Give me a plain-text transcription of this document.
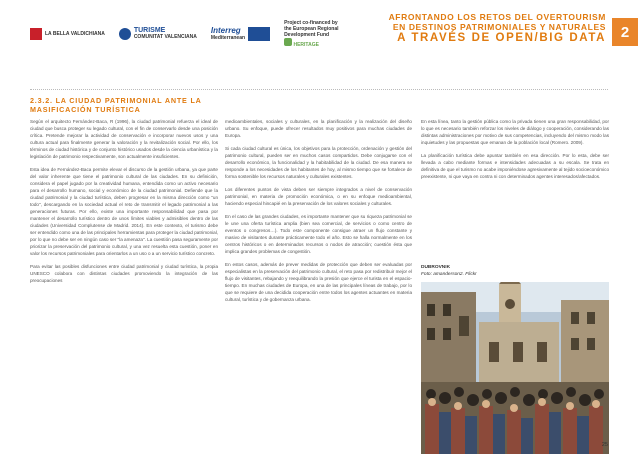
LA BELLA VALDICHIANA	TURISME
COMUNITAT VALENCIANA
Interreg
Mediterranean
Project co-financed by the European Regional Development Fund
HERITAGE
AFRONTANDO LOS RETOS DEL OVERTOURISM
EN DESTINOS PATRIMONIALES Y NATURALES
A TRAVÉS DE OPEN/BIG DATA 2
2.3.2. LA CIUDAD PATRIMONIAL ANTE LA MASIFICACIÓN TURÍSTICA

Según el arquitecto Fernández-Baca, R (1996), la ciudad patrimonial refuerza el ideal de ciudad que busca proteger su legado cultural, con el fin de conservarlo desde una posición crítica. Pretende mejorar la actividad de conservación e incorporar nuevos usos y una cultura actual para finalmente generar la valoración y la revitalización social. Por ello, los términos de ciudad histórica y de conjunto histórico usados desde la ciencia urbanística y la legislación de patrimonio respectivamente, son actualmente insuficientes.

Esta idea de Fernández-Baca permite elevar el discurso de la gestión urbana, ya que parte del valor inherente que tiene el patrimonio cultural de las ciudades. En su definición, considera el papel jugado por la creatividad humana, entendida como un activo necesario para el desarrollo humano, social y económico de la ciudad patrimonial. Defiende que la ciudad patrimonial y la ciudad turística, deben progresar en la misma dirección como "un todo", descargando en la sociedad actual el reto de transmitir el legado patrimonial a las generaciones futuras. Por ello, existe una importante responsabilidad que pasa por mantener el desarrollo turístico dentro de unos límites viables y admisibles dentro de las ciudades (Universidad Complutense de Madrid. 2014). En este contexto, el turismo debe ser entendido como una de las principales herramientas para proteger la ciudad patrimonial, por lo que no debe ser en ningún caso ser "la amenaza". La cuestión pasa seguramente por priorizar la preservación del patrimonio cultural, y una vez resuelta esta cuestión, poner en valor los recursos patrimoniales para orientarlos a un uso o a un servicio turístico concreto.

Para evitar las posibles disfunciones entre ciudad patrimonial y ciudad turística, la propia UNESCO colabora con distintas ciudades promoviendo la integración de las preocupaciones

medioambientales, sociales y culturales, en la planificación y la realización del diseño urbano. Su enfoque, puede ofrecer resultados muy positivos para muchas ciudades de Europa.

Si cada ciudad cultural es única, los objetivos para la protección, ordenación y gestión del patrimonio cultural, pueden ser en muchos casos compartidos. Debe conjugarse con el desarrollo económico, la funcionalidad y la habitabilidad de la ciudad. De esa manera se responde a los necesidades de los habitantes de hoy, al mismo tiempo que se fortalece de forma sostenible los recursos naturales y culturales existentes.

Los diferentes puntos de vista deben ser siempre integrados a nivel de conservación patrimonial, en materia de promoción económica, o en su enfoque medioambiental, haciendo especial hincapié en la preservación de los valores sociales y culturales.

En el caso de las grandes ciudades, es importante mantener que su riqueza patrimonial se le une una oferta turística amplia (bien sea comercial, de servicios o como centro de eventos o congresos…). Todo este componente consigue atraer un flujo constante y masivo de visitantes durante prácticamente todo el año. Esto se halla normalmente en los centros históricos o en determinados recursos o nodos de atracción; cuestión ésta que implica grandes problemas de congestión.

En estos casos, además de prever medidas de protección que deben ser evaluadas por especialistas en la preservación del patrimonio cultural, el reto pasa por redistribuir mejor el flujo de visitantes, rebajando y reequilibrando la presión que ejerce el turista en el espacio-tiempo. En muchas ciudades de Europa, en una de las principales líneas de trabajo, por lo que se requiere de una decidida cooperación entre todos los agentes actuantes en materia cultural, turística y de gobernanza urbana.

En esta línea, tanto la gestión pública como la privada tienen una gran responsabilidad, por lo que es necesario también reforzar los niveles de diálogo y cooperación, considerando las distintas administraciones por motivo de sus competencias, incluyendo del mismo modo las inquietudes y las propuestas que emanan de la población local (Romero. 2009).

La planificación turística debe apuntar también en esa dirección. Por lo esta, debe ser llevada a cabo mediante formas e intensidades adecuadas a su escala. Se trata en definitiva de que el turismo no acabe imponiéndose agresivamente al tejido socioeconómico preexistente, ni que vaya en contra ni con determinados agentes interesados/afectados.

DUBROVNIK
Foto: amanderson2. Flickr
25
